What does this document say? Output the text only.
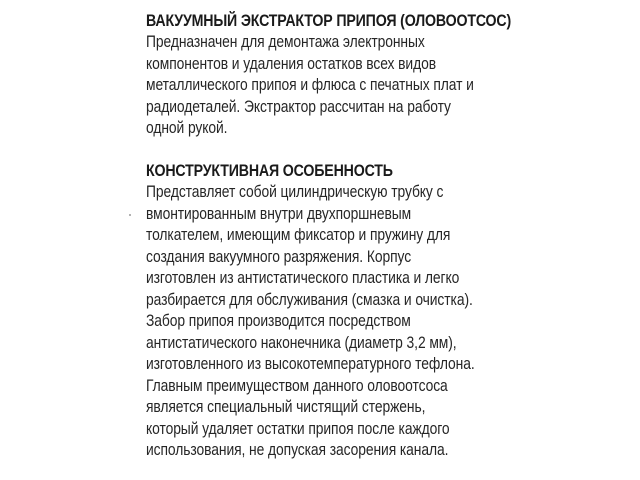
ВАКУУМНЫЙ ЭКСТРАКТОР ПРИПОЯ (ОЛОВООТСОС)

Предназначен для демонтажа электронных

компонентов и удаления остатков всех видов

металлического припоя и флюса с печатных плат и

радиодеталей. Экстрактор рассчитан на работу

одной рукой.

КОНСТРУКТИВНАЯ ОСОБЕННОСТЬ

Представляет собой цилиндрическую трубку с

вмонтированным внутри двухпоршневым

толкателем, имеющим фиксатор и пружину для

создания вакуумного разряжения. Корпус

изготовлен из антистатического пластика и легко

разбирается для обслуживания (смазка и очистка).

Забор припоя производится посредством

антистатического наконечника (диаметр 3,2 мм),

изготовленного из высокотемпературного тефлона.

Главным преимуществом данного оловоотсоса

является специальный чистящий стержень,

который удаляет остатки припоя после каждого

использования, не допуская засорения канала.
